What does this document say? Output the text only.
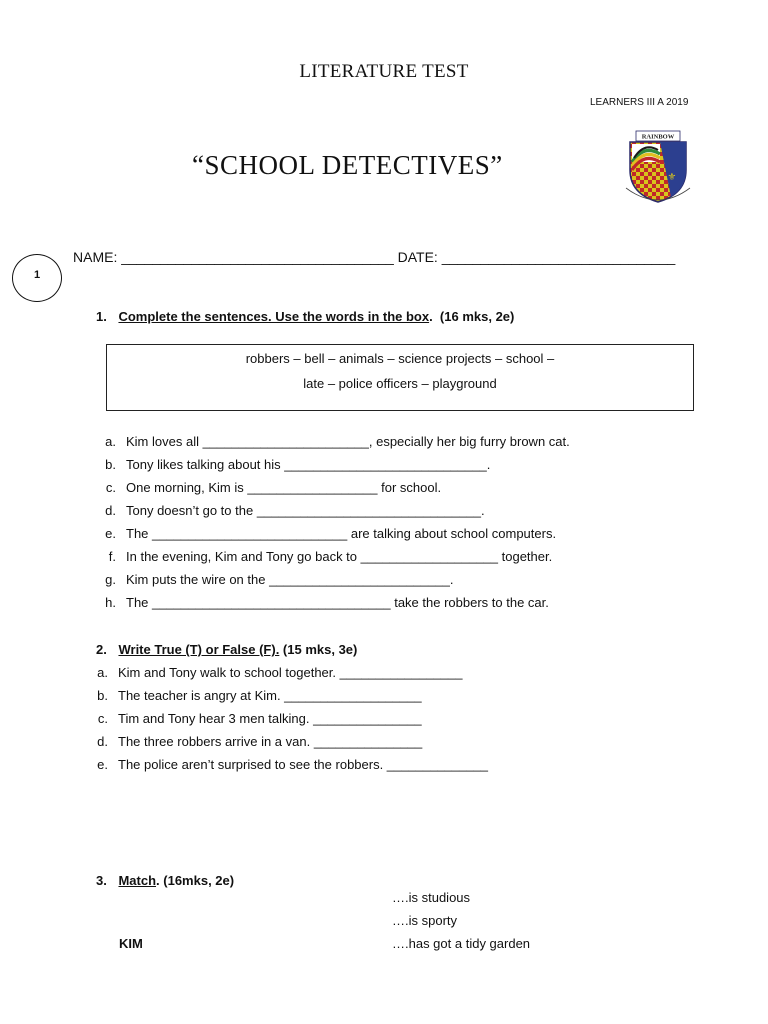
LITERATURE TEST
LEARNERS III A 2019
“SCHOOL DETECTIVES”	⚜
RAINBOW
NAME: ___________________________________ DATE: ______________________________
1
1. Complete the sentences. Use the words in the box.  (16 mks, 2e)
robbers – bell – animals – science projects – school –
late – police officers – playground
a. Kim loves all _______________________, especially her big furry brown cat.
b. Tony likes talking about his ____________________________.
c. One morning, Kim is __________________ for school.
d. Tony doesn’t go to the _______________________________.
e. The ___________________________ are talking about school computers.
f. In the evening, Kim and Tony go back to ___________________ together.
g. Kim puts the wire on the _________________________.
h. The _________________________________ take the robbers to the car.
2. Write True (T) or False (F). (15 mks, 3e)
a. Kim and Tony walk to school together. _________________
b. The teacher is angry at Kim. ___________________
c. Tim and Tony hear 3 men talking. _______________
d. The three robbers arrive in a van. _______________
e. The police aren’t surprised to see the robbers. ______________
3. Match. (16mks, 2e)
….is studious
….is sporty
KIM	….has got a tidy garden
